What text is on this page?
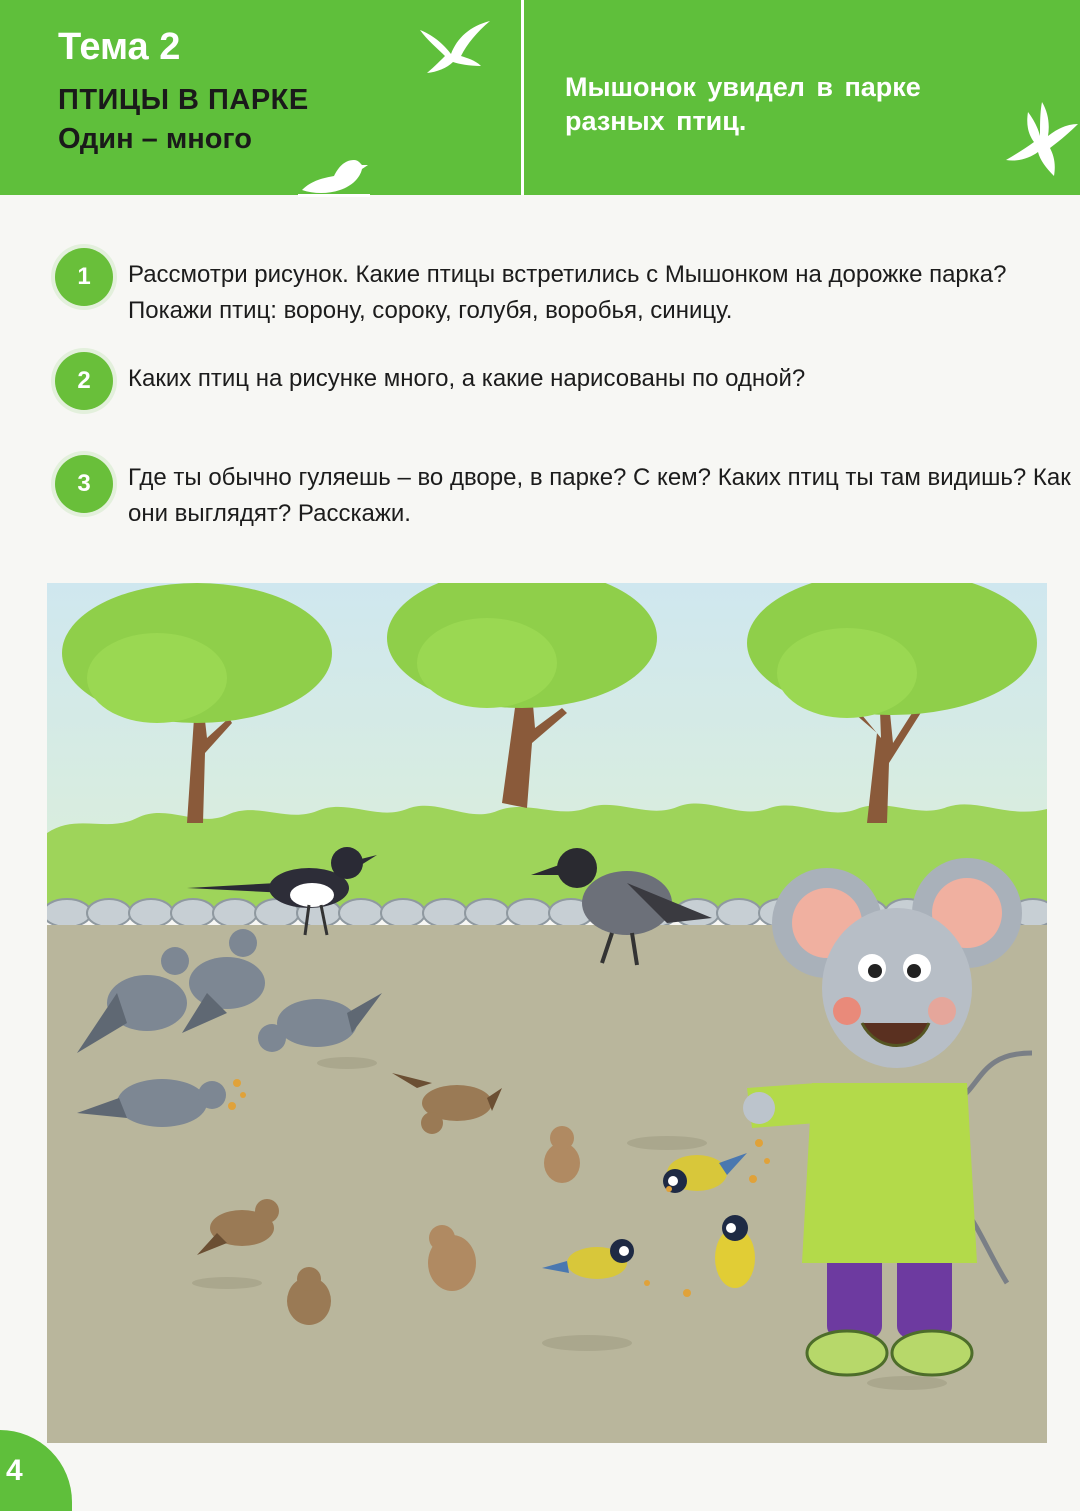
Тема 2
ПТИЦЫ В ПАРКЕ
Один – много
Мышонок увидел в парке разных птиц.
1	Рассмотри рисунок. Какие птицы встретились с Мышонком на дорожке парка? Покажи птиц: ворону, сороку, голубя, воробья, синицу.
2	Каких птиц на рисунке много, а какие нарисованы по одной?
3	Где ты обычно гуляешь – во дворе, в парке? С кем? Каких птиц ты там видишь? Как они выглядят? Расскажи.
4
